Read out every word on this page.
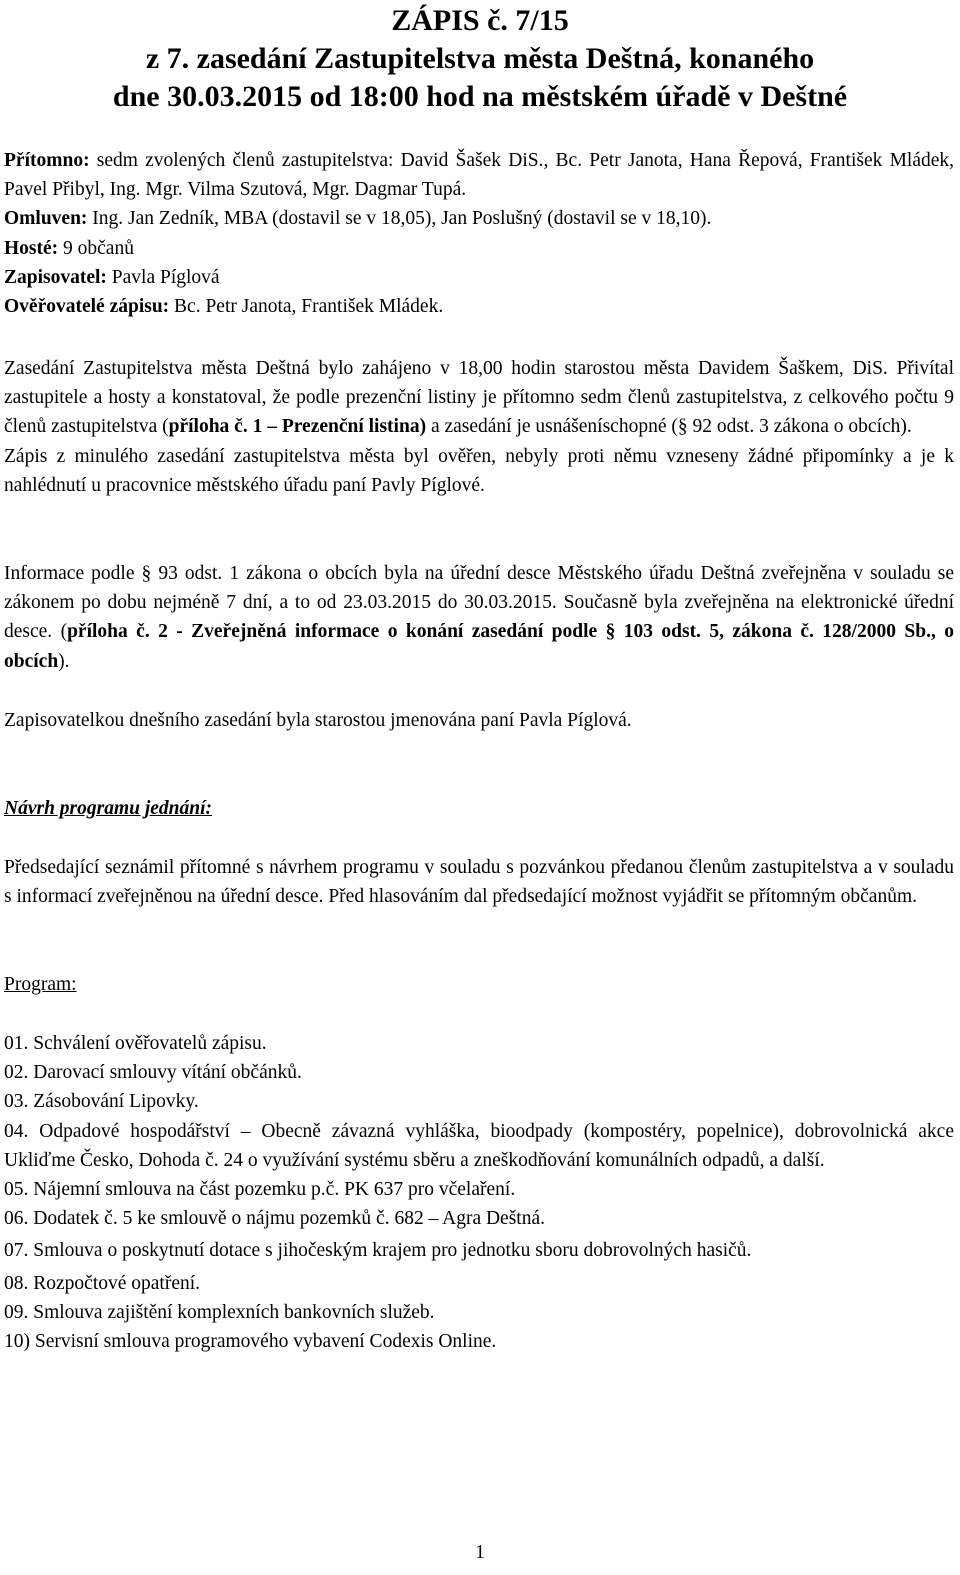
ZÁPIS č. 7/15

z 7. zasedání Zastupitelstva města Deštná, konaného

dne 30.03.2015 od 18:00 hod na městském úřadě v Deštné

Přítomno: sedm zvolených členů zastupitelstva: David Šašek DiS., Bc. Petr Janota, Hana Řepová, František Mládek, Pavel Přibyl, Ing. Mgr. Vilma Szutová, Mgr. Dagmar Tupá.

Omluven: Ing. Jan Zedník, MBA (dostavil se v 18,05), Jan Poslušný (dostavil se v 18,10).

Hosté: 9 občanů

Zapisovatel: Pavla Píglová

Ověřovatelé zápisu: Bc. Petr Janota, František Mládek.

Zasedání Zastupitelstva města Deštná bylo zahájeno v 18,00 hodin starostou města Davidem Šaškem, DiS. Přivítal zastupitele a hosty a konstatoval, že podle prezenční listiny je přítomno sedm členů zastupitelstva, z celkového počtu 9 členů zastupitelstva (příloha č. 1 – Prezenční listina) a zasedání je usnášeníschopné (§ 92 odst. 3 zákona o obcích).

Zápis z minulého zasedání zastupitelstva města byl ověřen, nebyly proti němu vzneseny žádné připomínky a je k nahlédnutí u pracovnice městského úřadu paní Pavly Píglové.

Informace podle § 93 odst. 1 zákona o obcích byla na úřední desce Městského úřadu Deštná zveřejněna v souladu se zákonem po dobu nejméně 7 dní, a to od 23.03.2015 do 30.03.2015. Současně byla zveřejněna na elektronické úřední desce. (příloha č. 2 - Zveřejněná informace o konání zasedání podle § 103 odst. 5, zákona č. 128/2000 Sb., o obcích).

Zapisovatelkou dnešního zasedání byla starostou jmenována paní Pavla Píglová.

Návrh programu jednání:

Předsedající seznámil přítomné s návrhem programu v souladu s pozvánkou předanou členům zastupitelstva a v souladu s informací zveřejněnou na úřední desce. Před hlasováním dal předsedající možnost vyjádřit se přítomným občanům.

Program:

01. Schválení ověřovatelů zápisu.

02. Darovací smlouvy vítání občánků.

03. Zásobování Lipovky.

04. Odpadové hospodářství – Obecně závazná vyhláška, bioodpady (kompostéry, popelnice), dobrovolnická akce Ukliďme Česko, Dohoda č. 24 o využívání systému sběru a zneškodňování komunálních odpadů, a další.

05. Nájemní smlouva na část pozemku p.č. PK 637 pro včelaření.

06. Dodatek č. 5 ke smlouvě o nájmu pozemků č. 682 – Agra Deštná.

07. Smlouva o poskytnutí dotace s jihočeským krajem pro jednotku sboru dobrovolných hasičů.

08. Rozpočtové opatření.

09. Smlouva zajištění komplexních bankovních služeb.

10) Servisní smlouva programového vybavení Codexis Online.

1
